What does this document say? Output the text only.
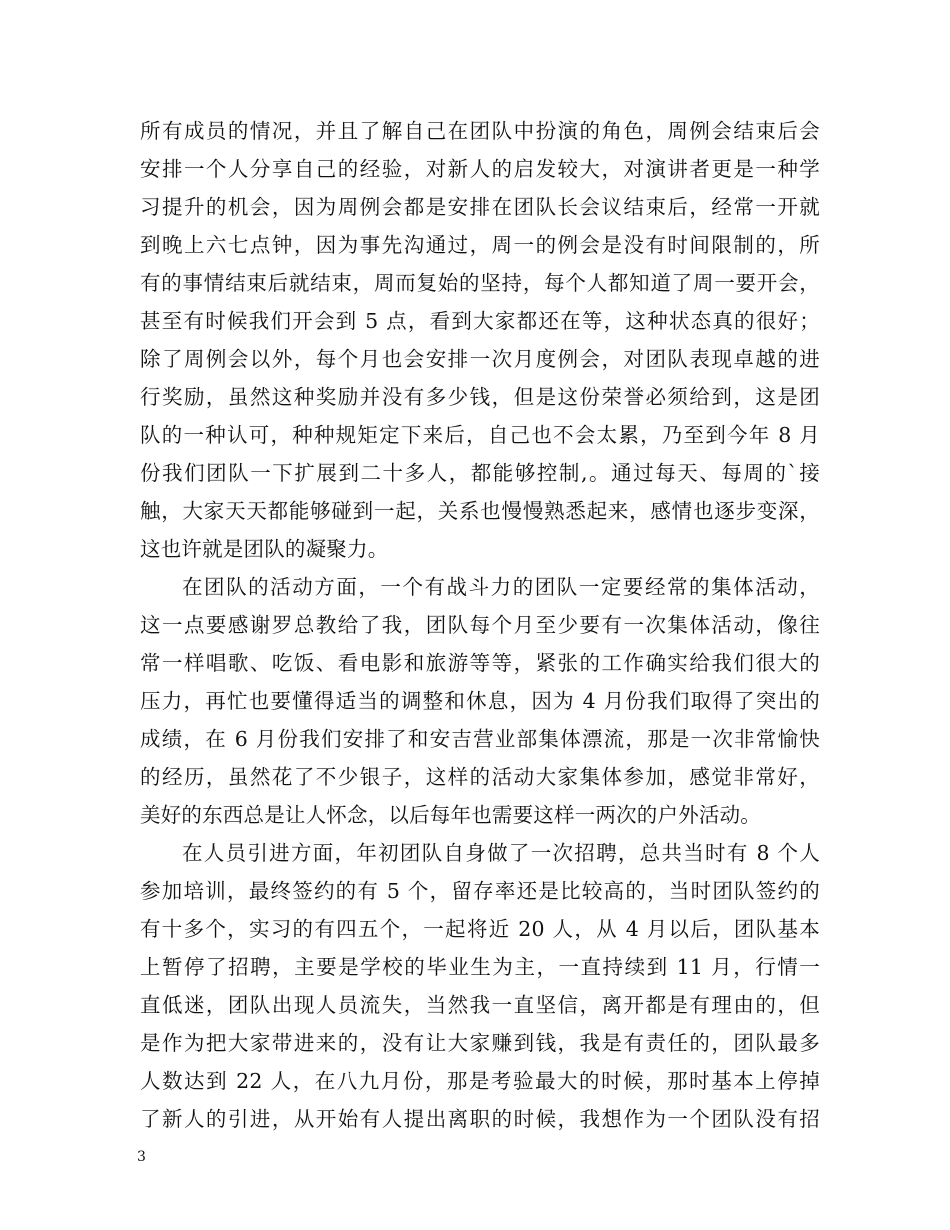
所有成员的情况，并且了解自己在团队中扮演的角色，周例会结束后会
安排一个人分享自己的经验，对新人的启发较大，对演讲者更是一种学
习提升的机会，因为周例会都是安排在团队长会议结束后，经常一开就
到晚上六七点钟，因为事先沟通过，周一的例会是没有时间限制的，所
有的事情结束后就结束，周而复始的坚持，每个人都知道了周一要开会，
甚至有时候我们开会到 5 点，看到大家都还在等，这种状态真的很好；
除了周例会以外，每个月也会安排一次月度例会，对团队表现卓越的进
行奖励，虽然这种奖励并没有多少钱，但是这份荣誉必须给到，这是团
队的一种认可，种种规矩定下来后，自己也不会太累，乃至到今年 8 月
份我们团队一下扩展到二十多人，都能够控制,。通过每天、每周的`接
触，大家天天都能够碰到一起，关系也慢慢熟悉起来，感情也逐步变深，
这也许就是团队的凝聚力。
在团队的活动方面，一个有战斗力的团队一定要经常的集体活动，
这一点要感谢罗总教给了我，团队每个月至少要有一次集体活动，像往
常一样唱歌、吃饭、看电影和旅游等等，紧张的工作确实给我们很大的
压力，再忙也要懂得适当的调整和休息，因为 4 月份我们取得了突出的
成绩，在 6 月份我们安排了和安吉营业部集体漂流，那是一次非常愉快
的经历，虽然花了不少银子，这样的活动大家集体参加，感觉非常好，
美好的东西总是让人怀念，以后每年也需要这样一两次的户外活动。
在人员引进方面，年初团队自身做了一次招聘，总共当时有 8 个人
参加培训，最终签约的有 5 个，留存率还是比较高的，当时团队签约的
有十多个，实习的有四五个，一起将近 20 人，从 4 月以后，团队基本
上暂停了招聘，主要是学校的毕业生为主，一直持续到 11 月，行情一
直低迷，团队出现人员流失，当然我一直坚信，离开都是有理由的，但
是作为把大家带进来的，没有让大家赚到钱，我是有责任的，团队最多
人数达到 22 人，在八九月份，那是考验最大的时候，那时基本上停掉
了新人的引进，从开始有人提出离职的时候，我想作为一个团队没有招
3
